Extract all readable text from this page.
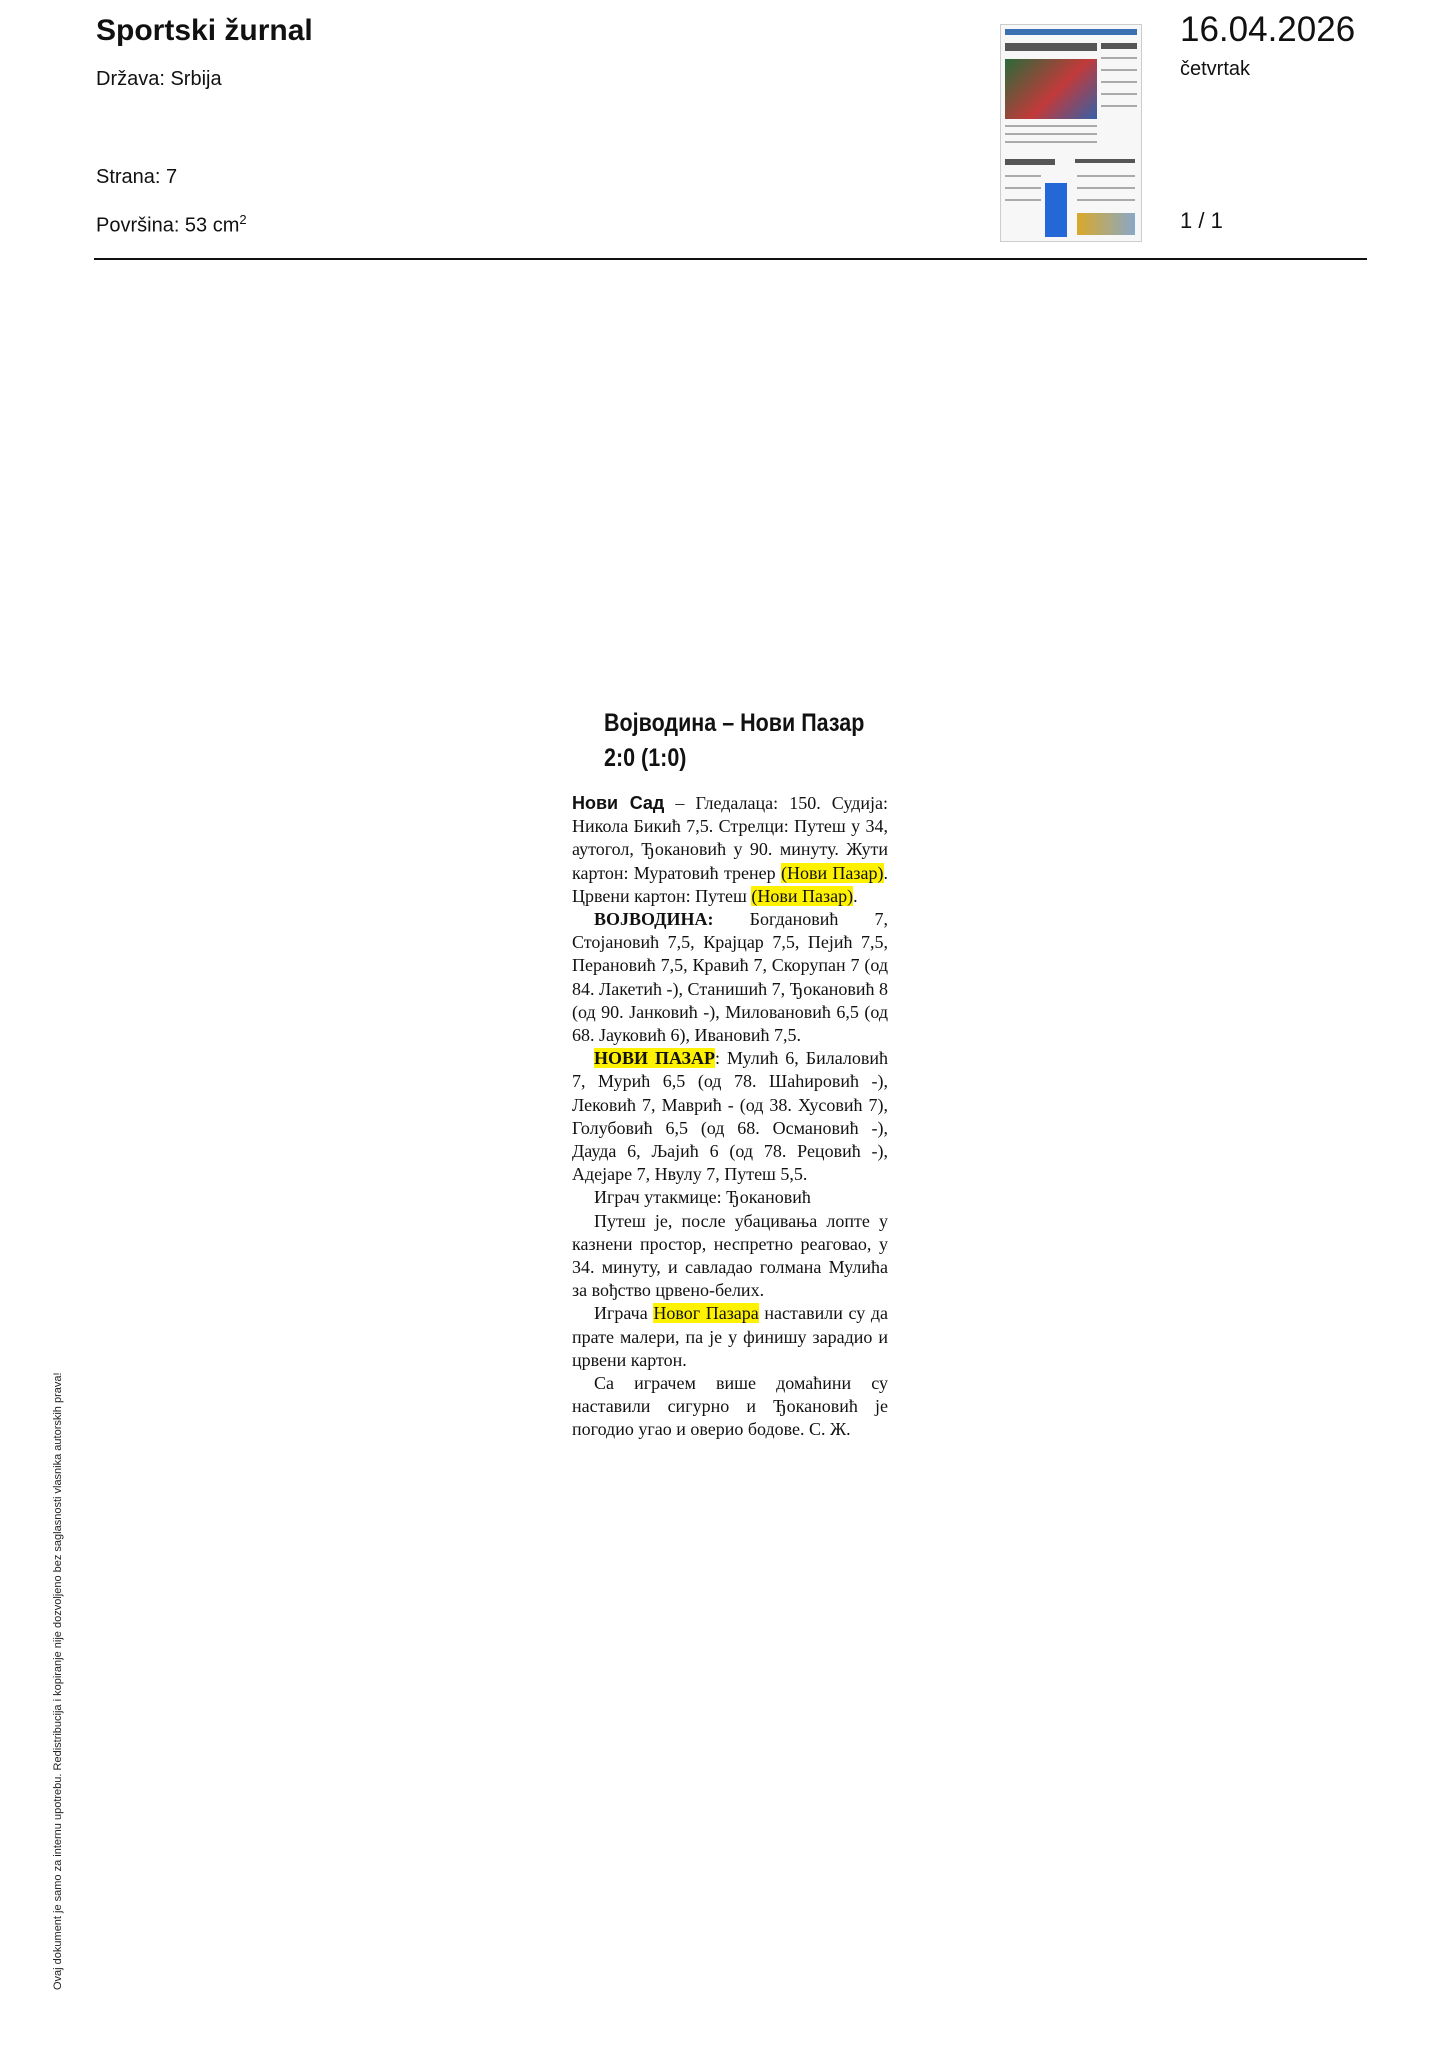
Sportski žurnal
Država: Srbija
Strana: 7
Površina: 53 $cm^2$
16.04.2026
četvrtak
1 / 1
Војводина – Нови Пазар
2:0 (1:0)

Нови Сад – Гледалаца: 150. Судија: Никола Бикић 7,5. Стрелци: Путеш у 34, аутогол, Ђокановић у 90. минуту. Жути картон: Муратовић тренер (Нови Пазар). Црвени картон: Путеш (Нови Пазар).

ВОЈВОДИНА: Богдановић 7, Стојановић 7,5, Крајцар 7,5, Пејић 7,5, Перановић 7,5, Кравић 7, Скорупан 7 (од 84. Лакетић -), Станишић 7, Ђокановић 8 (од 90. Јанковић -), Миловановић 6,5 (од 68. Јауковић 6), Ивановић 7,5.

НОВИ ПАЗАР: Мулић 6, Билаловић 7, Мурић 6,5 (од 78. Шаһировић -), Лековић 7, Маврић - (од 38. Хусовић 7), Голубовић 6,5 (од 68. Османовић -), Дауда 6, Љајић 6 (од 78. Рецовић -), Адејаре 7, Нвулу 7, Путеш 5,5.

Играч утакмице: Ђокановић

Путеш је, после убацивања лопте у казнени простор, неспретно реаговао, у 34. минуту, и савладао голмана Мулића за вођство црвено-белих.

Играча Новог Пазара наставили су да прате малери, па је у финишу зарадио и црвени картон.

Са играчем више домаћини су наставили сигурно и Ђокановић је погодио угао и оверио бодове. С. Ж.

Ovaj dokument je samo za internu upotrebu. Redistribucija i kopiranje nije dozvoljeno bez saglasnosti vlasnika autorskih prava!
